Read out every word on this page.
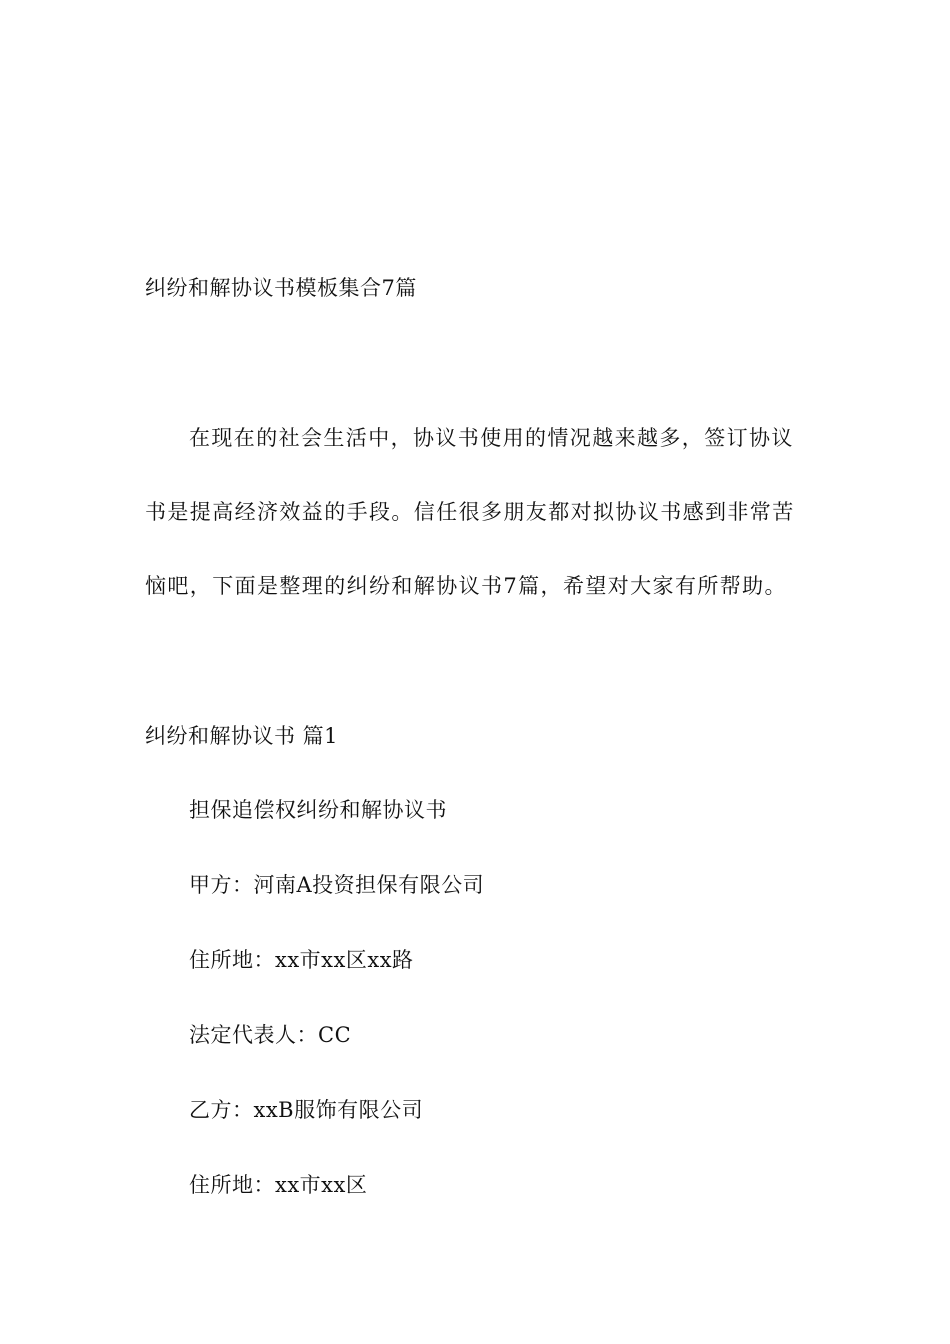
纠纷和解协议书模板集合7篇
在现在的社会生活中，协议书使用的情况越来越多，签订协议
书是提高经济效益的手段。信任很多朋友都对拟协议书感到非常苦
恼吧，下面是整理的纠纷和解协议书7篇，希望对大家有所帮助。
纠纷和解协议书 篇1
担保追偿权纠纷和解协议书
甲方：河南A投资担保有限公司
住所地：xx市xx区xx路
法定代表人：CC
乙方：xxB服饰有限公司
住所地：xx市xx区
